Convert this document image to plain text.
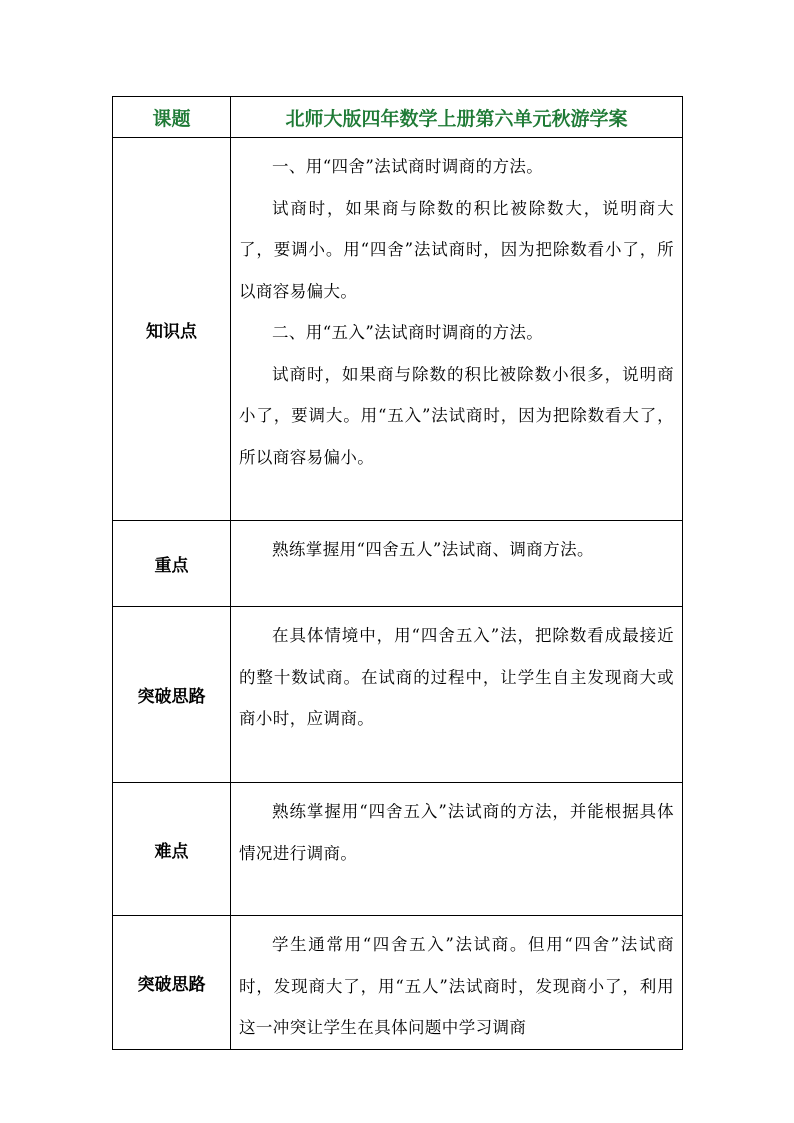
课题	北师大版四年数学上册第六单元秋游学案
知识点	一、用“四舍”法试商时调商的方法。

试商时，如果商与除数的积比被除数大，说明商大了，要调小。用“四舍”法试商时，因为把除数看小了，所以商容易偏大。

二、用“五入”法试商时调商的方法。

试商时，如果商与除数的积比被除数小很多，说明商小了，要调大。用“五入”法试商时，因为把除数看大了，所以商容易偏小。

重点	熟练掌握用“四舍五人”法试商、调商方法。

突破思路	在具体情境中，用“四舍五入”法，把除数看成最接近的整十数试商。在试商的过程中，让学生自主发现商大或商小时，应调商。

难点	熟练掌握用“四舍五入”法试商的方法，并能根据具体情况进行调商。

突破思路	学生通常用“四舍五入”法试商。但用“四舍”法试商时，发现商大了，用“五人”法试商时，发现商小了，利用这一冲突让学生在具体问题中学习调商
